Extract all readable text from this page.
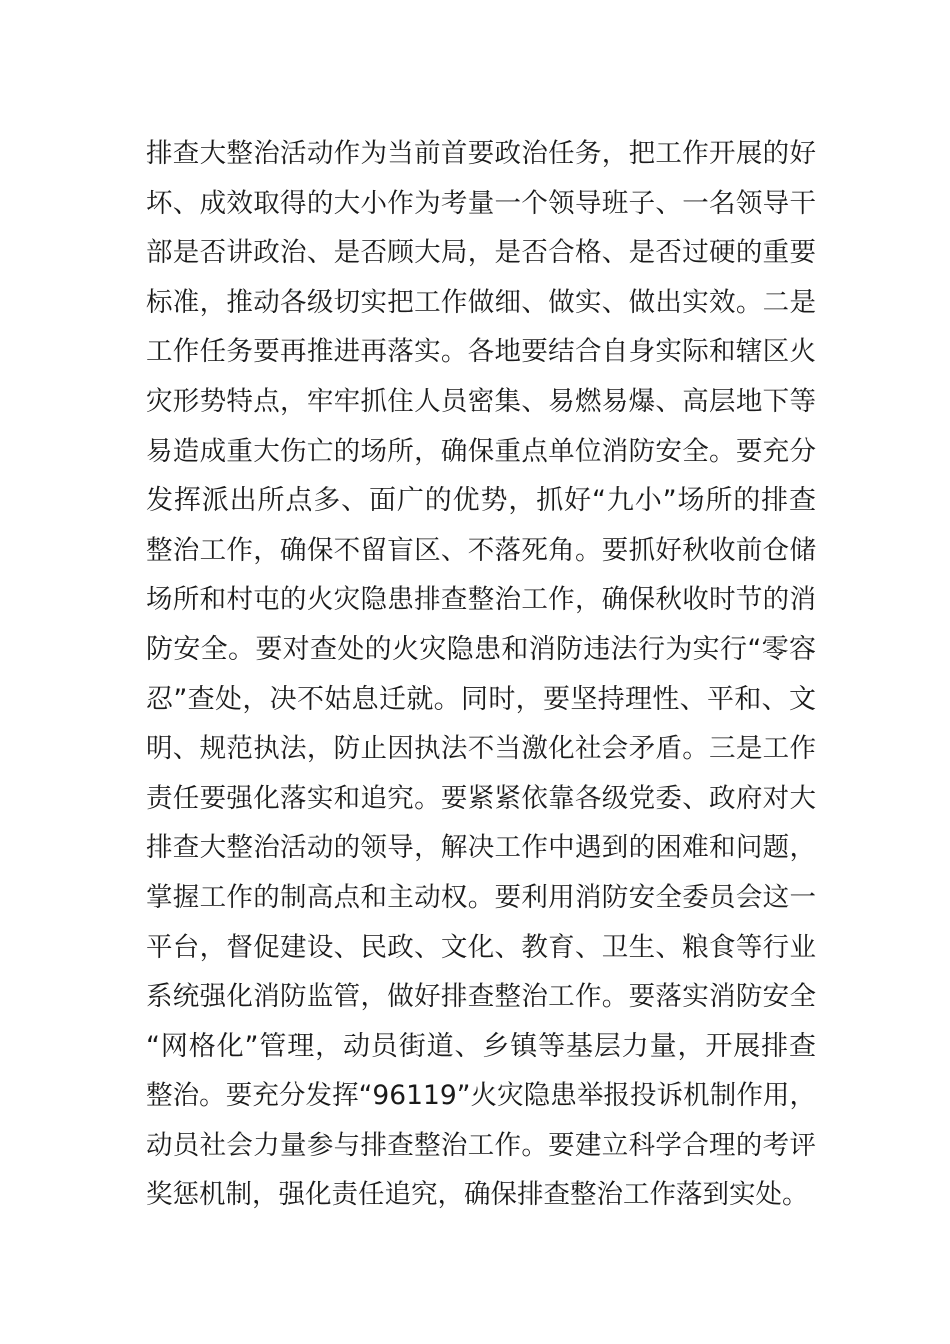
排查大整治活动作为当前首要政治任务，把工作开展的好
坏、成效取得的大小作为考量一个领导班子、一名领导干
部是否讲政治、是否顾大局，是否合格、是否过硬的重要
标准，推动各级切实把工作做细、做实、做出实效。二是
工作任务要再推进再落实。各地要结合自身实际和辖区火
灾形势特点，牢牢抓住人员密集、易燃易爆、高层地下等
易造成重大伤亡的场所，确保重点单位消防安全。要充分
发挥派出所点多、面广的优势，抓好“九小”场所的排查
整治工作，确保不留盲区、不落死角。要抓好秋收前仓储
场所和村屯的火灾隐患排查整治工作，确保秋收时节的消
防安全。要对查处的火灾隐患和消防违法行为实行“零容
忍”查处，决不姑息迁就。同时，要坚持理性、平和、文
明、规范执法，防止因执法不当激化社会矛盾。三是工作
责任要强化落实和追究。要紧紧依靠各级党委、政府对大
排查大整治活动的领导，解决工作中遇到的困难和问题，
掌握工作的制高点和主动权。要利用消防安全委员会这一
平台，督促建设、民政、文化、教育、卫生、粮食等行业
系统强化消防监管，做好排查整治工作。要落实消防安全
“网格化”管理，动员街道、乡镇等基层力量，开展排查
整治。要充分发挥“96119”火灾隐患举报投诉机制作用，
动员社会力量参与排查整治工作。要建立科学合理的考评
奖惩机制，强化责任追究，确保排查整治工作落到实处。
